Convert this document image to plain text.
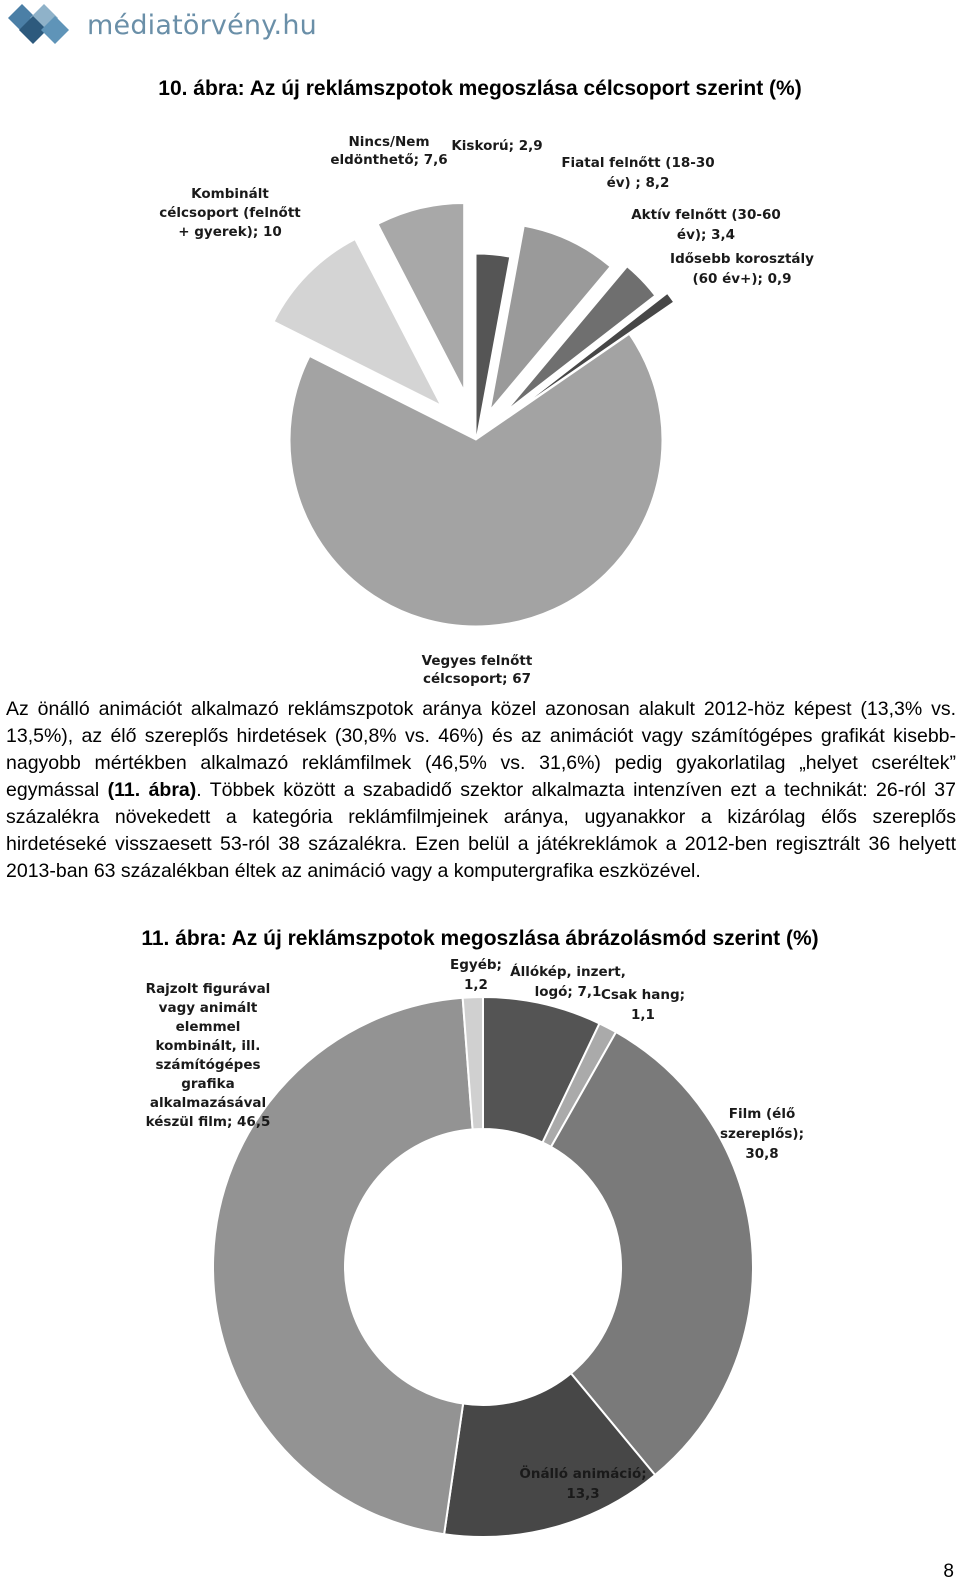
médiatörvény.hu
10. ábra: Az új reklámszpotok megoszlása célcsoport szerint (%)
Kiskorú; 2,9
Fiatal felnőtt (18-30 év) ; 8,2
Aktív felnőtt (30-60 év); 3,4
Idősebb korosztály (60 év+); 0,9
Vegyes felnőtt célcsoport; 67
Kombinált célcsoport (felnőtt + gyerek); 10
Nincs/Nem eldönthető; 7,6
Az önálló animációt alkalmazó reklámszpotok aránya közel azonosan alakult 2012-höz képest (13,3% vs. 13,5%), az élő szereplős hirdetések (30,8% vs. 46%) és az animációt vagy számítógépes grafikát kisebb-nagyobb mértékben alkalmazó reklámfilmek (46,5% vs. 31,6%) pedig gyakorlatilag „helyet cseréltek” egymással (11. ábra). Többek között a szabadidő szektor alkalmazta intenzíven ezt a technikát: 26-ról 37 százalékra növekedett a kategória reklámfilmjeinek aránya, ugyanakkor a kizárólag élős szereplős hirdetéseké visszaesett 53-ról 38 százalékra. Ezen belül a játékreklámok a 2012-ben regisztrált 36 helyett 2013-ban 63 százalékban éltek az animáció vagy a komputergrafika eszközével.
11. ábra: Az új reklámszpotok megoszlása ábrázolásmód szerint (%)
Állókép, inzert, logó; 7,1 Csak hang; 1,1
Film (élő szereplős); 30,8
Önálló animáció; 13,3
Rajzolt figurával vagy animált elemmel kombinált, ill. számítógépes grafika alkalmazásával készül film; 46,5
Egyéb; 1,2
8
